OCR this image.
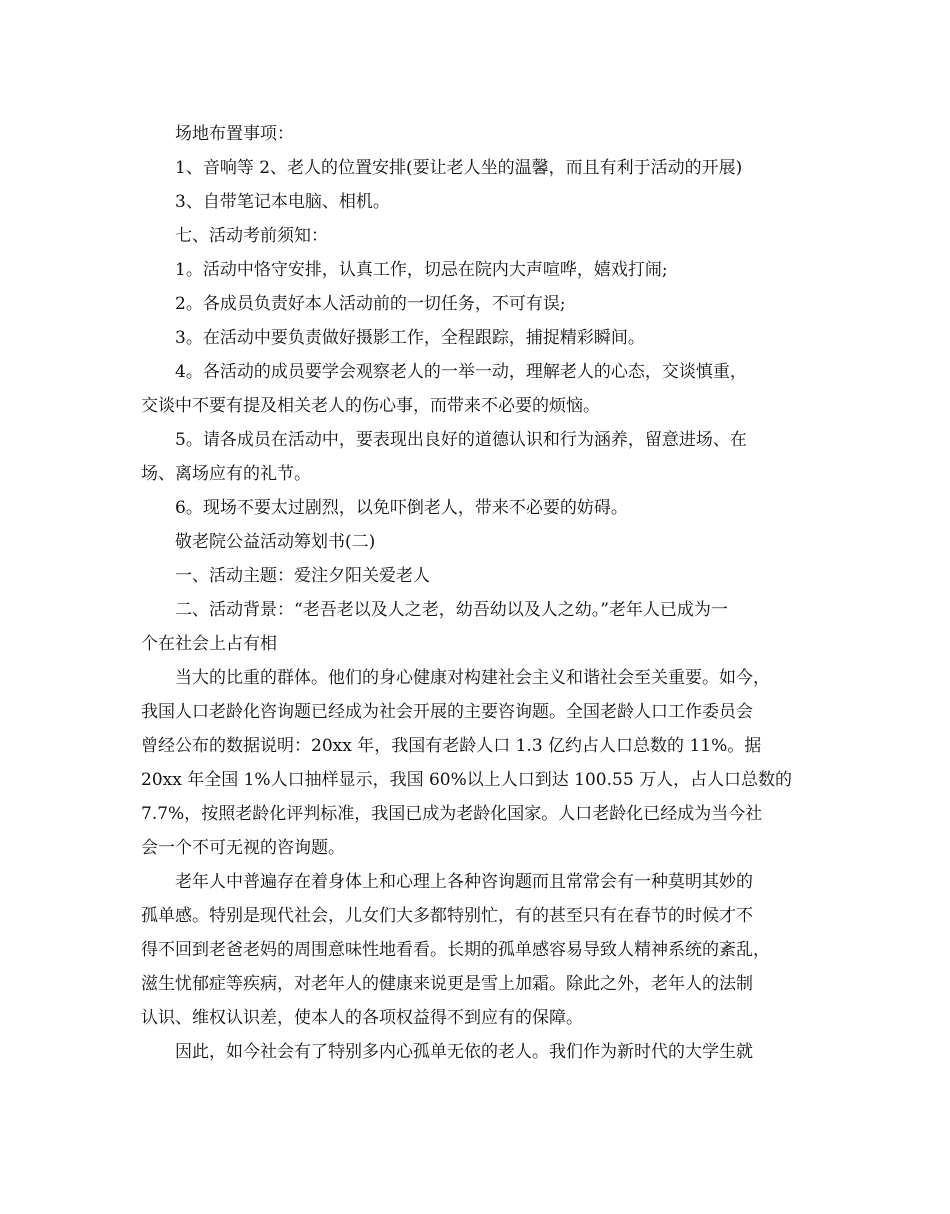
场地布置事项：
1、音响等 2、老人的位置安排(要让老人坐的温馨，而且有利于活动的开展)
3、自带笔记本电脑、相机。
七、活动考前须知：
1。活动中恪守安排，认真工作，切忌在院内大声喧哗，嬉戏打闹;
2。各成员负责好本人活动前的一切任务，不可有误;
3。在活动中要负责做好摄影工作，全程跟踪，捕捉精彩瞬间。
4。各活动的成员要学会观察老人的一举一动，理解老人的心态，交谈慎重，
交谈中不要有提及相关老人的伤心事，而带来不必要的烦恼。
5。请各成员在活动中，要表现出良好的道德认识和行为涵养，留意进场、在
场、离场应有的礼节。
6。现场不要太过剧烈，以免吓倒老人，带来不必要的妨碍。
敬老院公益活动筹划书(二)
一、活动主题：爱注夕阳关爱老人
二、活动背景：“老吾老以及人之老，幼吾幼以及人之幼。”老年人已成为一
个在社会上占有相
当大的比重的群体。他们的身心健康对构建社会主义和谐社会至关重要。如今，
我国人口老龄化咨询题已经成为社会开展的主要咨询题。全国老龄人口工作委员会
曾经公布的数据说明：20xx 年，我国有老龄人口 1.3 亿约占人口总数的 11%。据
20xx 年全国 1%人口抽样显示，我国 60%以上人口到达 100.55 万人，占人口总数的
7.7%，按照老龄化评判标准，我国已成为老龄化国家。人口老龄化已经成为当今社
会一个不可无视的咨询题。
老年人中普遍存在着身体上和心理上各种咨询题而且常常会有一种莫明其妙的
孤单感。特别是现代社会，儿女们大多都特别忙，有的甚至只有在春节的时候才不
得不回到老爸老妈的周围意味性地看看。长期的孤单感容易导致人精神系统的紊乱，
滋生忧郁症等疾病，对老年人的健康来说更是雪上加霜。除此之外，老年人的法制
认识、维权认识差，使本人的各项权益得不到应有的保障。
因此，如今社会有了特别多内心孤单无依的老人。我们作为新时代的大学生就
